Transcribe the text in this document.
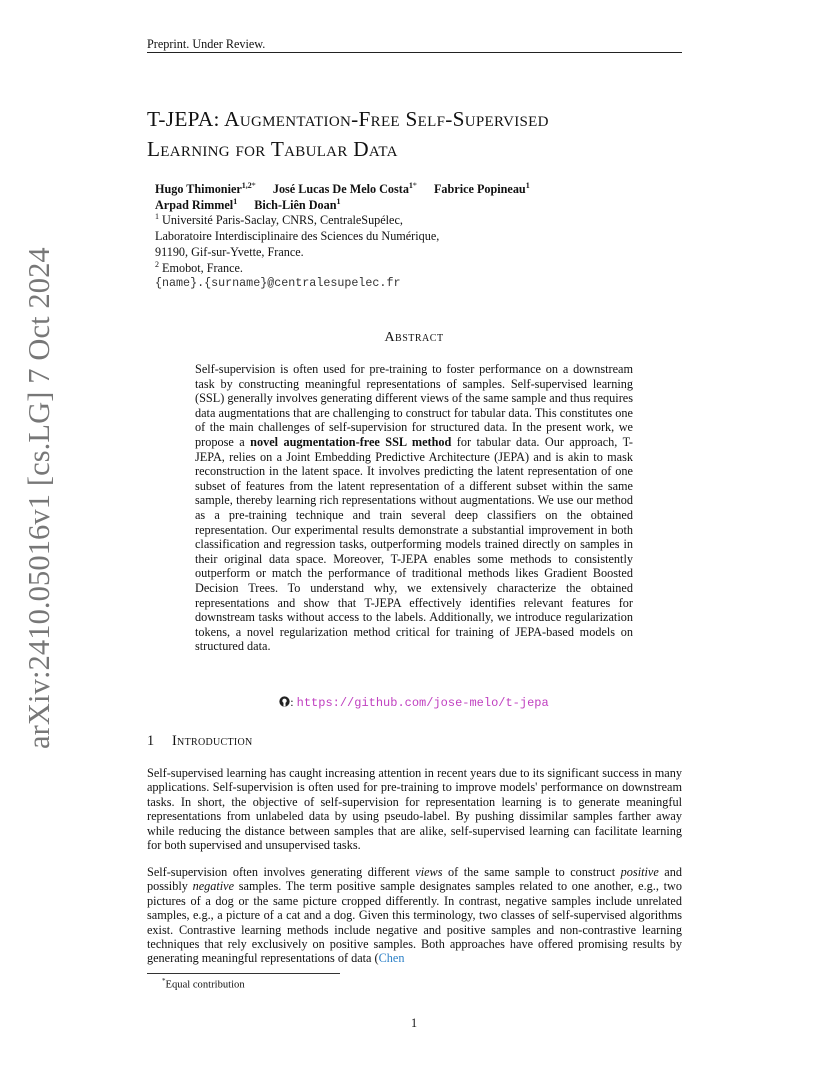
Preprint. Under Review.
arXiv:2410.05016v1 [cs.LG] 7 Oct 2024
T-JEPA: Augmentation-Free Self-Supervised
Learning for Tabular Data
Hugo Thimonier$^{1,2*}$ José Lucas De Melo Costa$^{1*}$ Fabrice Popineau$^1$
Arpad Rimmel$^1$ Bich-Liên Doan$^1$
$^1$ Université Paris-Saclay, CNRS, CentraleSupélec,
Laboratoire Interdisciplinaire des Sciences du Numérique,
91190, Gif-sur-Yvette, France.
$^2$ Emobot, France.
{name}.{surname}@centralesupelec.fr
Abstract
Self-supervision is often used for pre-training to foster performance on a downstream task by constructing meaningful representations of samples. Self-supervised learning (SSL) generally involves generating different views of the same sample and thus requires data augmentations that are challenging to construct for tabular data. This constitutes one of the main challenges of self-supervision for structured data. In the present work, we propose a novel augmentation-free SSL method for tabular data. Our approach, T-JEPA, relies on a Joint Embedding Predictive Architecture (JEPA) and is akin to mask reconstruction in the latent space. It involves predicting the latent representation of one subset of features from the latent representation of a different subset within the same sample, thereby learning rich representations without augmentations. We use our method as a pre-training technique and train several deep classifiers on the obtained representation. Our experimental results demonstrate a substantial improvement in both classification and regression tasks, outperforming models trained directly on samples in their original data space. Moreover, T-JEPA enables some methods to consistently outperform or match the performance of traditional methods likes Gradient Boosted Decision Trees. To understand why, we extensively characterize the obtained representations and show that T-JEPA effectively identifies relevant features for downstream tasks without access to the labels. Additionally, we introduce regularization tokens, a novel regularization method critical for training of JEPA-based models on structured data.
: https://github.com/jose-melo/t-jepa
1 Introduction
Self-supervised learning has caught increasing attention in recent years due to its significant success in many applications. Self-supervision is often used for pre-training to improve models' performance on downstream tasks. In short, the objective of self-supervision for representation learning is to generate meaningful representations from unlabeled data by using pseudo-label. By pushing dissimilar samples farther away while reducing the distance between samples that are alike, self-supervised learning can facilitate learning for both supervised and unsupervised tasks.
Self-supervision often involves generating different views of the same sample to construct positive and possibly negative samples. The term positive sample designates samples related to one another, e.g., two pictures of a dog or the same picture cropped differently. In contrast, negative samples include unrelated samples, e.g., a picture of a cat and a dog. Given this terminology, two classes of self-supervised algorithms exist. Contrastive learning methods include negative and positive samples and non-contrastive learning techniques that rely exclusively on positive samples. Both approaches have offered promising results by generating meaningful representations of data (Chen
*Equal contribution
1
